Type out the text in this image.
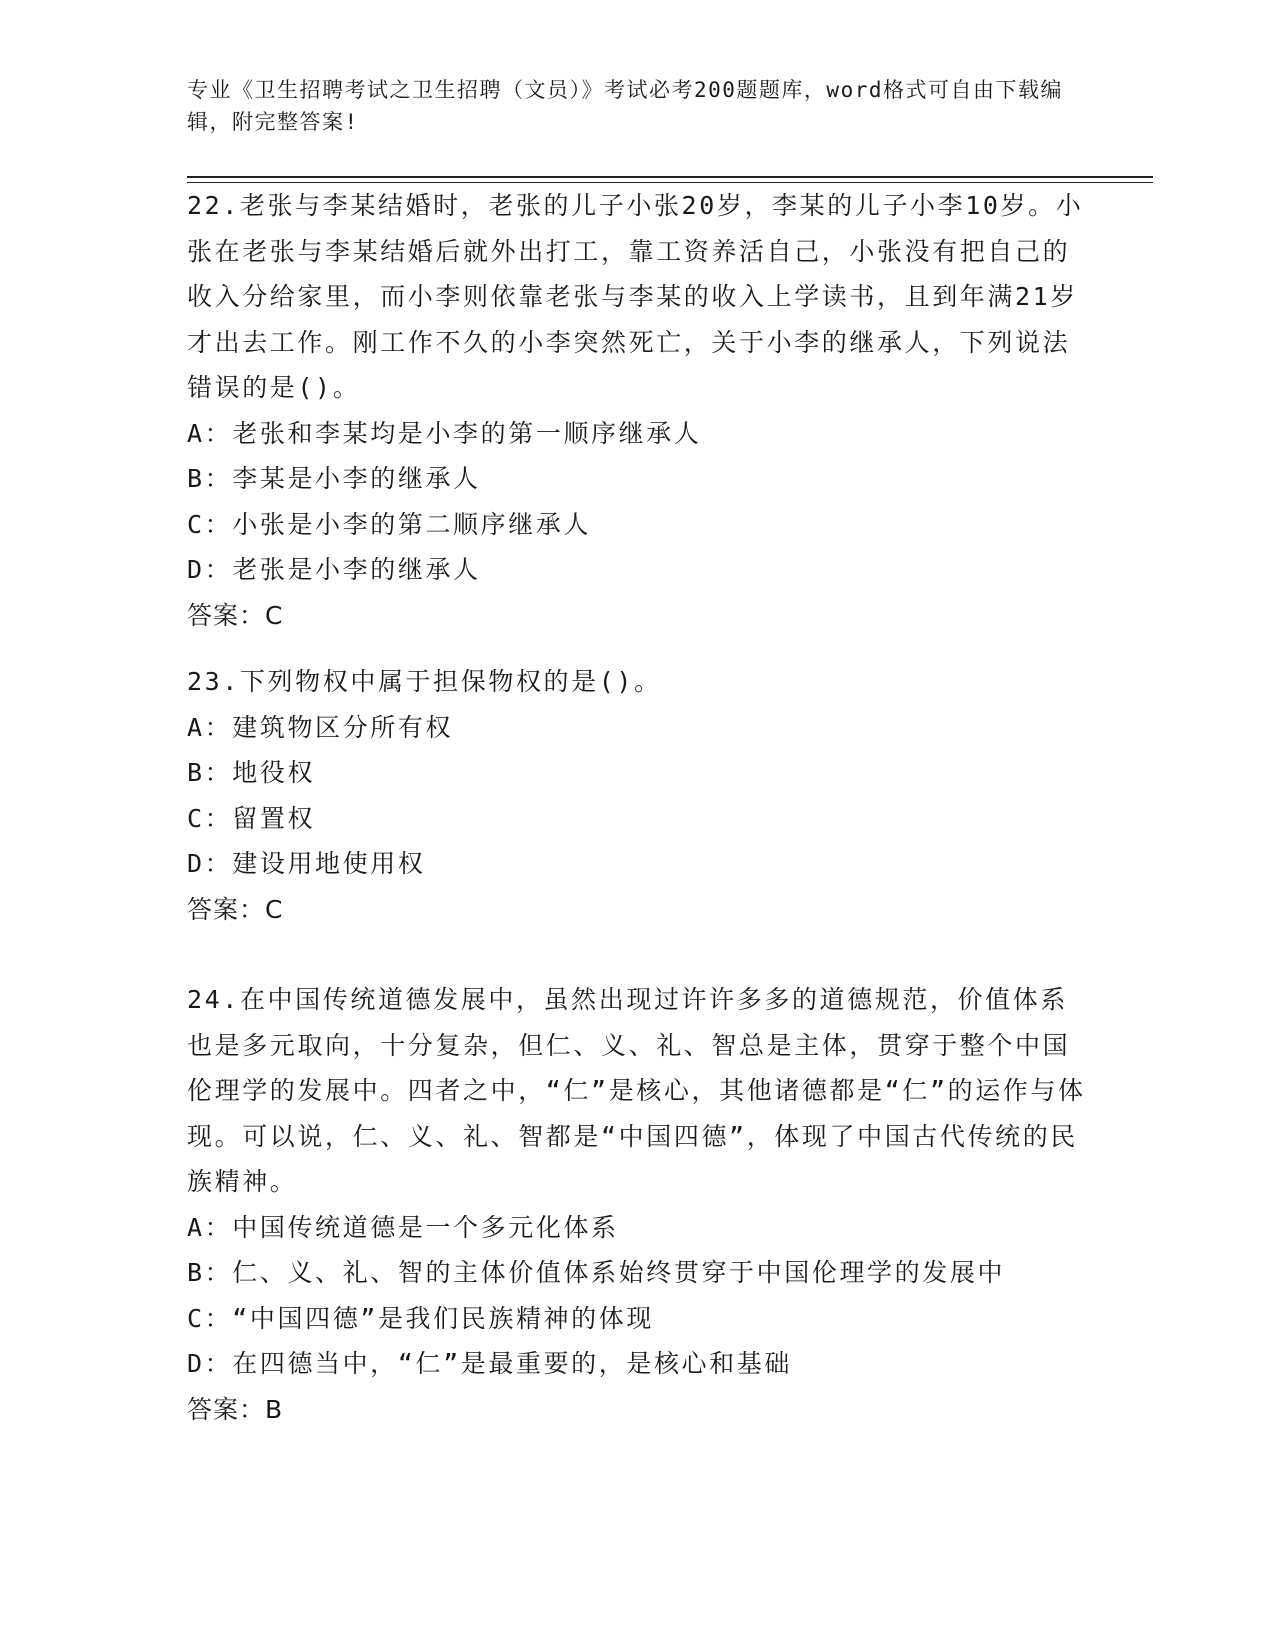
专业《卫生招聘考试之卫生招聘（文员）》考试必考200题题库，word格式可自由下载编辑，附完整答案!

22.老张与李某结婚时，老张的儿子小张20岁，李某的儿子小李10岁。小张在老张与李某结婚后就外出打工，靠工资养活自己，小张没有把自己的收入分给家里，而小李则依靠老张与李某的收入上学读书，且到年满21岁才出去工作。刚工作不久的小李突然死亡，关于小李的继承人，下列说法错误的是()。

A：老张和李某均是小李的第一顺序继承人

B：李某是小李的继承人

C：小张是小李的第二顺序继承人

D：老张是小李的继承人

答案：C

23.下列物权中属于担保物权的是()。

A：建筑物区分所有权

B：地役权

C：留置权

D：建设用地使用权

答案：C

24.在中国传统道德发展中，虽然出现过许许多多的道德规范，价值体系也是多元取向，十分复杂，但仁、义、礼、智总是主体，贯穿于整个中国伦理学的发展中。四者之中，“仁”是核心，其他诸德都是“仁”的运作与体现。可以说，仁、义、礼、智都是“中国四德”，体现了中国古代传统的民族精神。

A：中国传统道德是一个多元化体系

B：仁、义、礼、智的主体价值体系始终贯穿于中国伦理学的发展中

C：“中国四德”是我们民族精神的体现

D：在四德当中，“仁”是最重要的，是核心和基础

答案：B
